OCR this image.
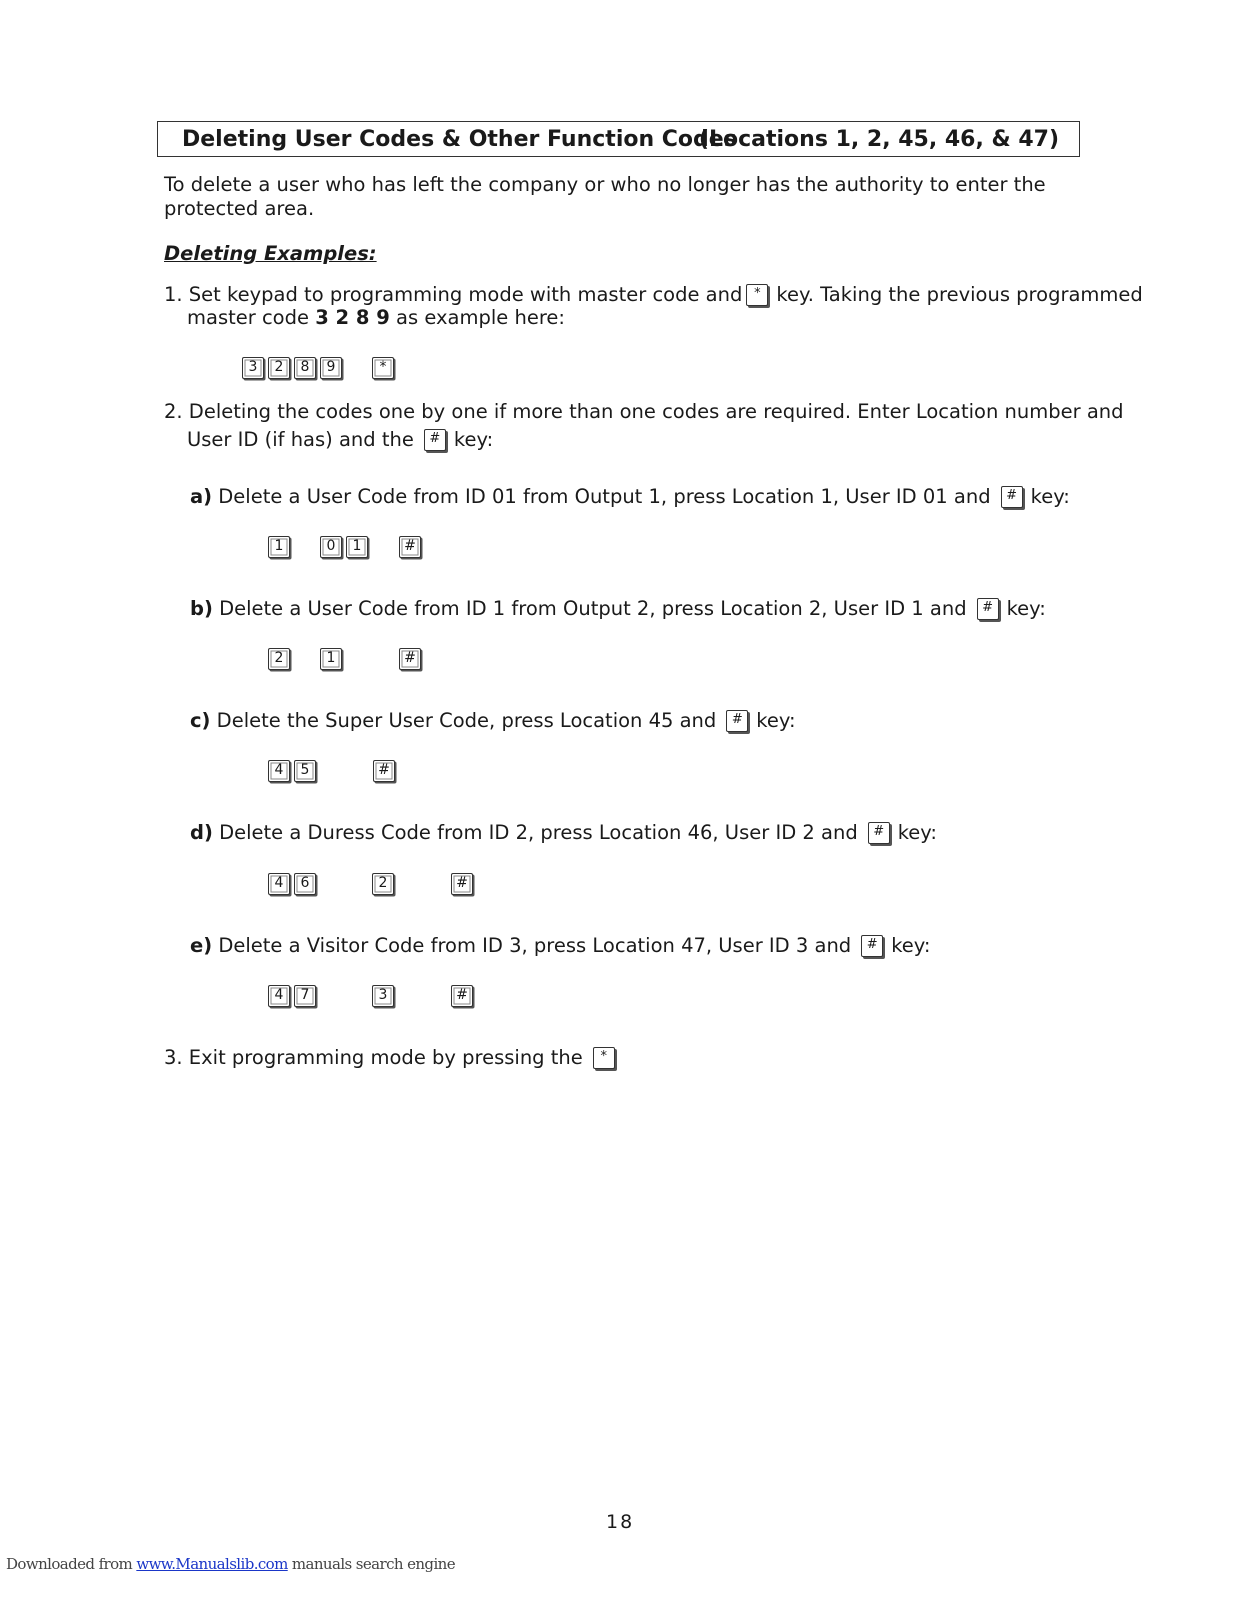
Deleting User Codes & Other Function Codes
(Locations 1, 2, 45, 46, & 47)
To delete a user who has left the company or who no longer has the authority to enter the protected area.
Deleting Examples:
1. Set keypad to programming mode with master code and * key. Taking the previous programmed
master code 3 2 8 9 as example here:
3	2	8	9	*
2. Deleting the codes one by one if more than one codes are required. Enter Location number and
User ID (if has) and the # key:
a) Delete a User Code from ID 01 from Output 1, press Location 1, User ID 01 and # key:
1	0	1	#
b) Delete a User Code from ID 1 from Output 2, press Location 2, User ID 1 and # key:
2	1	#
c) Delete the Super User Code, press Location 45 and # key:
4	5	#
d) Delete a Duress Code from ID 2, press Location 46, User ID 2 and # key:
4	6	2	#
e) Delete a Visitor Code from ID 3, press Location 47, User ID 3 and # key:
4	7	3	#
3. Exit programming mode by pressing the *
18
Downloaded from www.Manualslib.com manuals search engine
